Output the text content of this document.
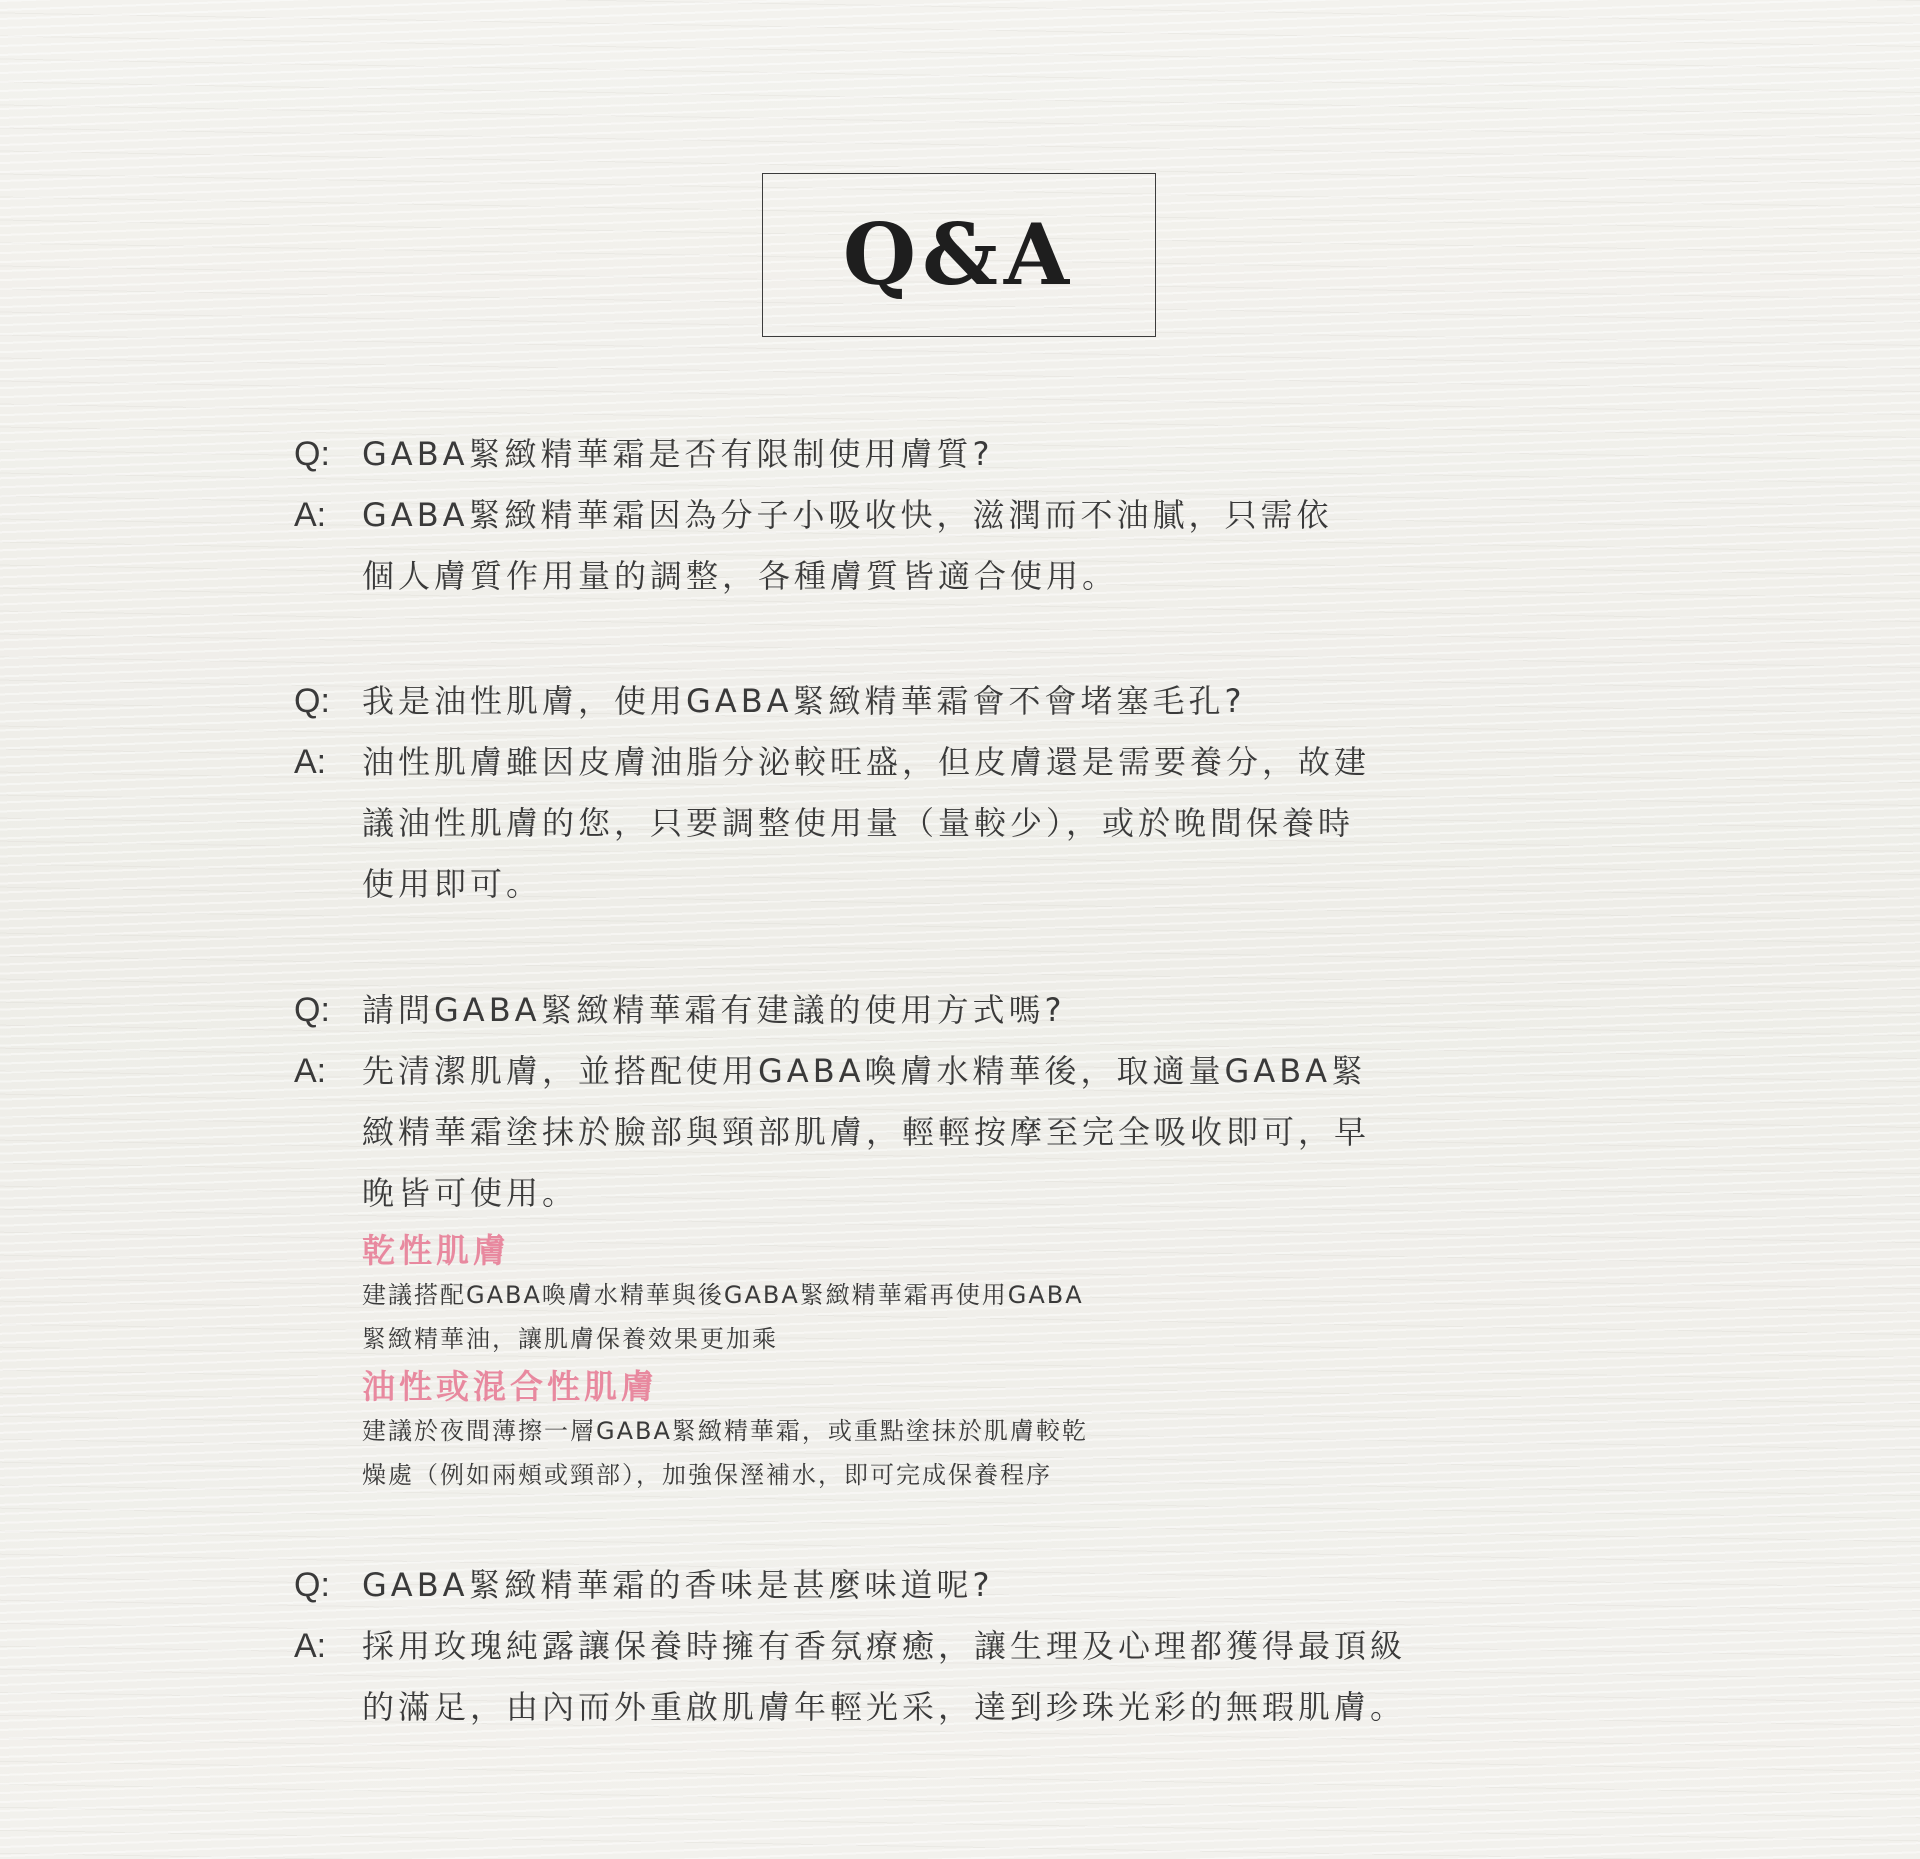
Q&A
Q:	GABA緊緻精華霜是否有限制使用膚質?
A:	GABA緊緻精華霜因為分子小吸收快，滋潤而不油膩，只需依
個人膚質作用量的調整，各種膚質皆適合使用。
Q:	我是油性肌膚，使用GABA緊緻精華霜會不會堵塞毛孔?
A:	油性肌膚雖因皮膚油脂分泌較旺盛，但皮膚還是需要養分，故建
議油性肌膚的您，只要調整使用量（量較少），或於晚間保養時
使用即可。
Q:	請問GABA緊緻精華霜有建議的使用方式嗎?
A:	先清潔肌膚，並搭配使用GABA喚膚水精華後，取適量GABA緊
緻精華霜塗抹於臉部與頸部肌膚，輕輕按摩至完全吸收即可，早
晚皆可使用。
乾性肌膚
建議搭配GABA喚膚水精華與後GABA緊緻精華霜再使用GABA
緊緻精華油，讓肌膚保養效果更加乘
油性或混合性肌膚
建議於夜間薄擦一層GABA緊緻精華霜，或重點塗抹於肌膚較乾
燥處（例如兩頰或頸部），加強保溼補水，即可完成保養程序
Q:	GABA緊緻精華霜的香味是甚麼味道呢?
A:	採用玫瑰純露讓保養時擁有香氛療癒，讓生理及心理都獲得最頂級
的滿足，由內而外重啟肌膚年輕光采，達到珍珠光彩的無瑕肌膚。
